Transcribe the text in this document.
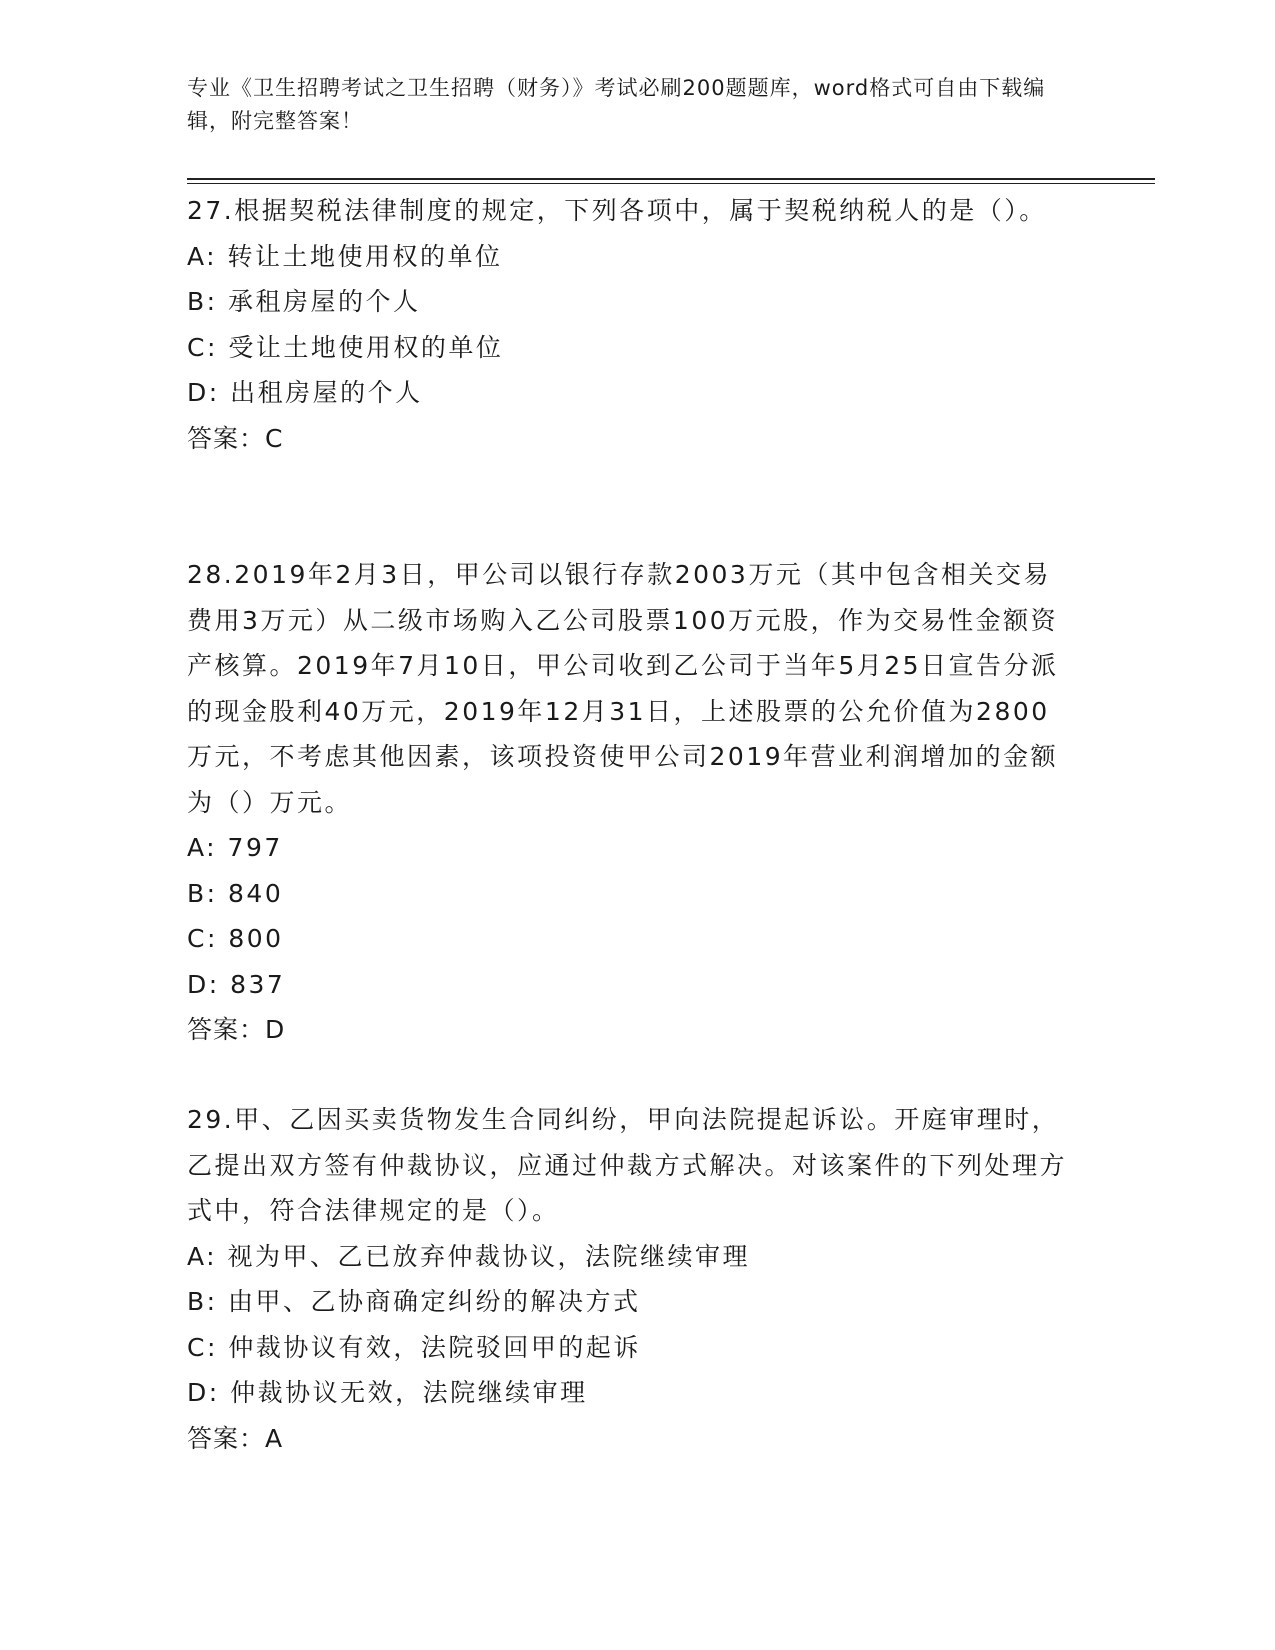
专业《卫生招聘考试之卫生招聘（财务）》考试必刷200题题库，word格式可自由下载编辑，附完整答案！

27.根据契税法律制度的规定，下列各项中，属于契税纳税人的是（）。

A: 转让土地使用权的单位

B: 承租房屋的个人

C: 受让土地使用权的单位

D: 出租房屋的个人

答案：C

28.2019年2月3日，甲公司以银行存款2003万元（其中包含相关交易费用3万元）从二级市场购入乙公司股票100万元股，作为交易性金额资产核算。2019年7月10日，甲公司收到乙公司于当年5月25日宣告分派的现金股利40万元，2019年12月31日，上述股票的公允价值为2800万元，不考虑其他因素，该项投资使甲公司2019年营业利润增加的金额为（）万元。

A: 797

B: 840

C: 800

D: 837

答案：D

29.甲、乙因买卖货物发生合同纠纷，甲向法院提起诉讼。开庭审理时，乙提出双方签有仲裁协议，应通过仲裁方式解决。对该案件的下列处理方式中，符合法律规定的是（）。

A: 视为甲、乙已放弃仲裁协议，法院继续审理

B: 由甲、乙协商确定纠纷的解决方式

C: 仲裁协议有效，法院驳回甲的起诉

D: 仲裁协议无效，法院继续审理

答案：A
